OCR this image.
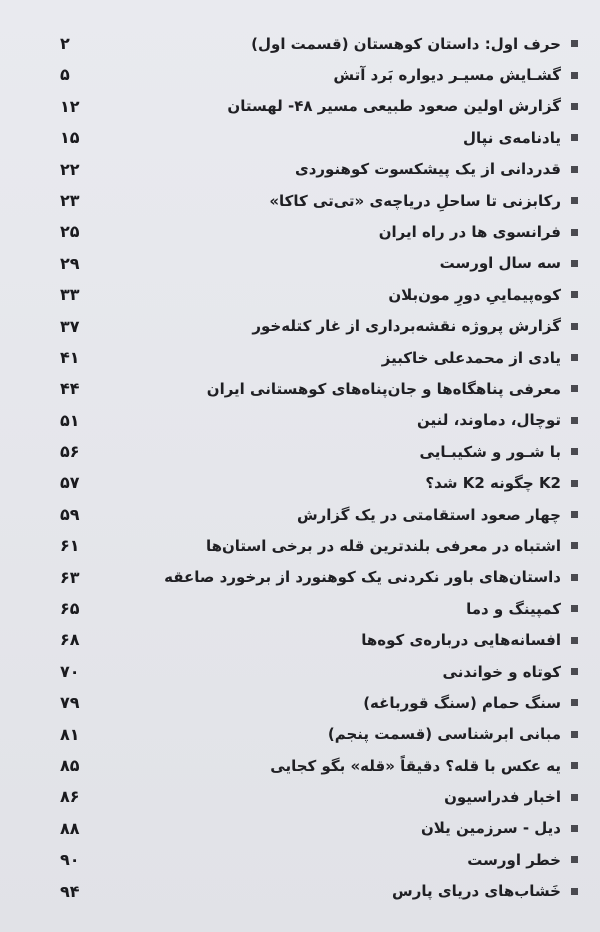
حرف اول: داستان کوهستان (قسمت اول)
۲
گشـایش مسیـر دیواره بَرد آتش
۵
گزارش اولین صعود طبیعی مسیر ۴۸- لهستان
۱۲
یادنامه‌ی نپال
۱۵
قدردانی از یک پیشکسوت کوهنوردی
۲۲
رکابزنی تا ساحلِ دریاچه‌ی «تی‌تی کاکا»
۲۳
فرانسوی ها در راه ایران
۲۵
سه سال اورست
۲۹
کوه‌پیماییِ دورِ مون‌بلان
۳۳
گزارش پروژه نقشه‌برداری از غار کتله‌خور
۳۷
یادی از محمدعلی خاکبیز
۴۱
معرفی پناهگاه‌ها و جان‌پناه‌های کوهستانی ایران
۴۴
توچال، دماوند، لنین
۵۱
با شـور و شکیبـایی
۵۶
K2 چگونه K2 شد؟
۵۷
چهار صعود استقامتی در یک گزارش
۵۹
اشتباه در معرفی بلندترین قله در برخی استان‌ها
۶۱
داستان‌های باور نکردنی یک کوهنورد از برخورد صاعقه
۶۳
کمپینگ و دما
۶۵
افسانه‌هایی درباره‌ی کوه‌ها
۶۸
کوتاه و خواندنی
۷۰
سنگ حمام (سنگ قورباغه)
۷۹
مبانی ابرشناسی (قسمت پنجم)
۸۱
یه عکس با قله؟ دقیقاً «قله» بگو کجایی
۸۵
اخبار فدراسیون
۸۶
دیل - سرزمین یلان
۸۸
خطر اورست
۹۰
خَشاب‌های دریای پارس
۹۴
